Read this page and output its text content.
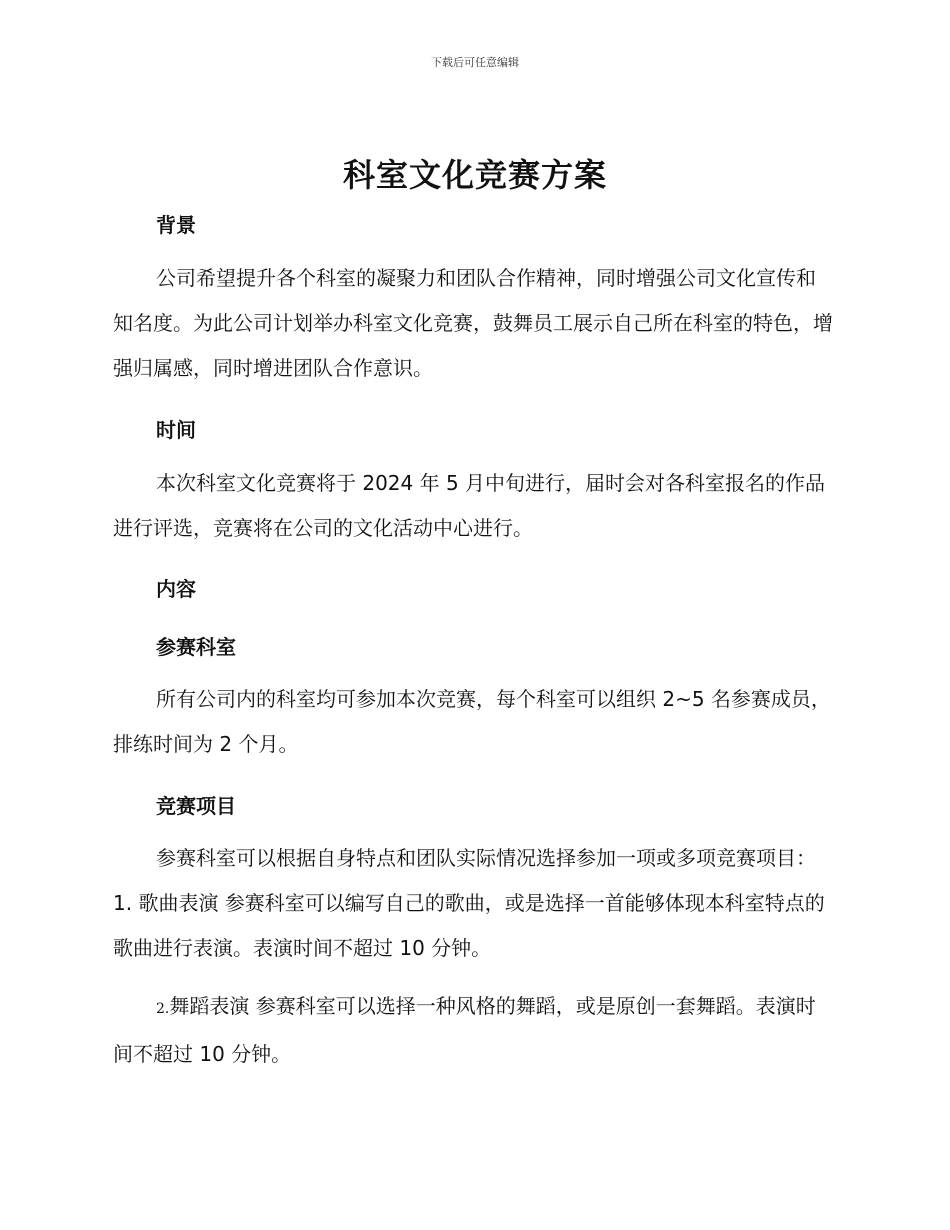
下载后可任意编辑
科室文化竞赛方案
背景
公司希望提升各个科室的凝聚力和团队合作精神，同时增强公司文化宣传和知名度。为此公司计划举办科室文化竞赛，鼓舞员工展示自己所在科室的特色，增强归属感，同时增进团队合作意识。
时间
本次科室文化竞赛将于 2024 年 5 月中旬进行，届时会对各科室报名的作品进行评选，竞赛将在公司的文化活动中心进行。
内容
参赛科室
所有公司内的科室均可参加本次竞赛，每个科室可以组织 2~5 名参赛成员，排练时间为 2 个月。
竞赛项目
参赛科室可以根据自身特点和团队实际情况选择参加一项或多项竞赛项目： 1. 歌曲表演 参赛科室可以编写自己的歌曲，或是选择一首能够体现本科室特点的歌曲进行表演。表演时间不超过 10 分钟。
2.舞蹈表演 参赛科室可以选择一种风格的舞蹈，或是原创一套舞蹈。表演时间不超过 10 分钟。
